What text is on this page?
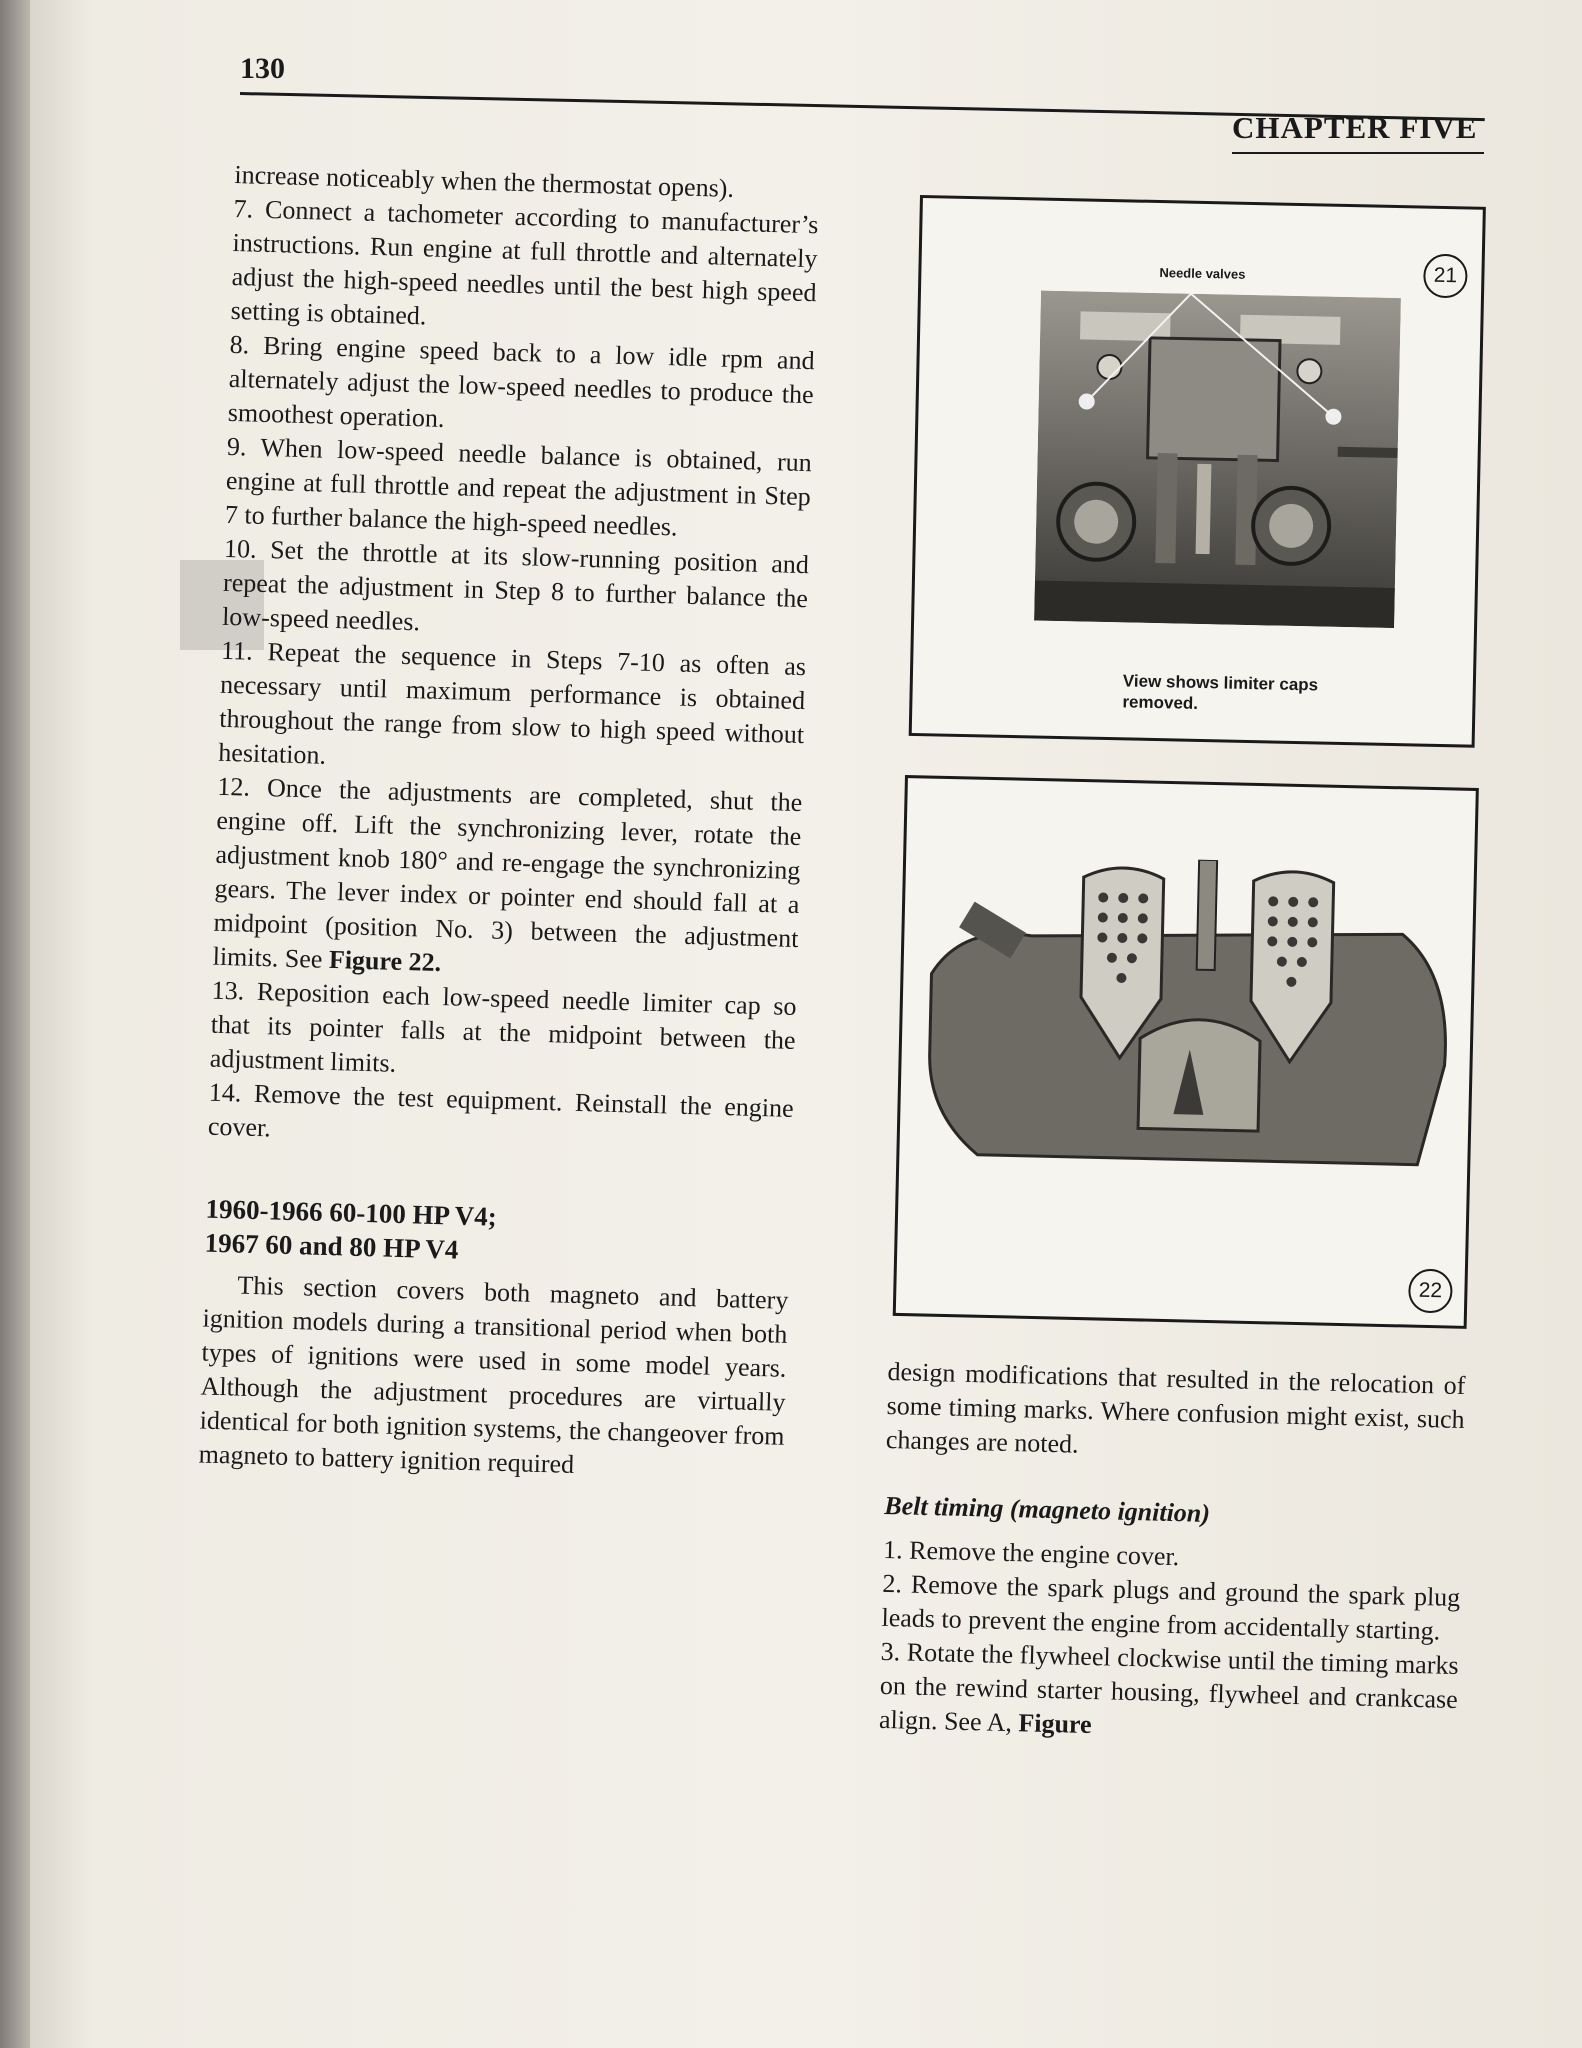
130
CHAPTER FIVE

increase noticeably when the thermostat opens).

7. Connect a tachometer according to manufacturer’s instructions. Run engine at full throttle and alternately adjust the high-speed needles until the best high speed setting is obtained.

8. Bring engine speed back to a low idle rpm and alternately adjust the low-speed needles to produce the smoothest operation.

9. When low-speed needle balance is obtained, run engine at full throttle and repeat the adjustment in Step 7 to further balance the high-speed needles.

10. Set the throttle at its slow-running position and repeat the adjustment in Step 8 to further balance the low-speed needles.

11. Repeat the sequence in Steps 7-10 as often as necessary until maximum performance is obtained throughout the range from slow to high speed without hesitation.

12. Once the adjustments are completed, shut the engine off. Lift the synchronizing lever, rotate the adjustment knob 180° and re-engage the synchronizing gears. The lever index or pointer end should fall at a midpoint (position No. 3) between the adjustment limits. See Figure 22.

13. Reposition each low-speed needle limiter cap so that its pointer falls at the midpoint between the adjustment limits.

14. Remove the test equipment. Reinstall the engine cover.

1960-1966 60-100 HP V4;
1967 60 and 80 HP V4

This section covers both magneto and battery ignition models during a transitional period when both types of ignitions were used in some model years. Although the adjustment procedures are virtually identical for both ignition systems, the changeover from magneto to battery ignition required

21
Needle valves
View shows limiter caps removed.
22

design modifications that resulted in the relocation of some timing marks. Where confusion might exist, such changes are noted.

Belt timing (magneto ignition)

1. Remove the engine cover.

2. Remove the spark plugs and ground the spark plug leads to prevent the engine from accidentally starting.

3. Rotate the flywheel clockwise until the timing marks on the rewind starter housing, flywheel and crankcase align. See A, Figure
